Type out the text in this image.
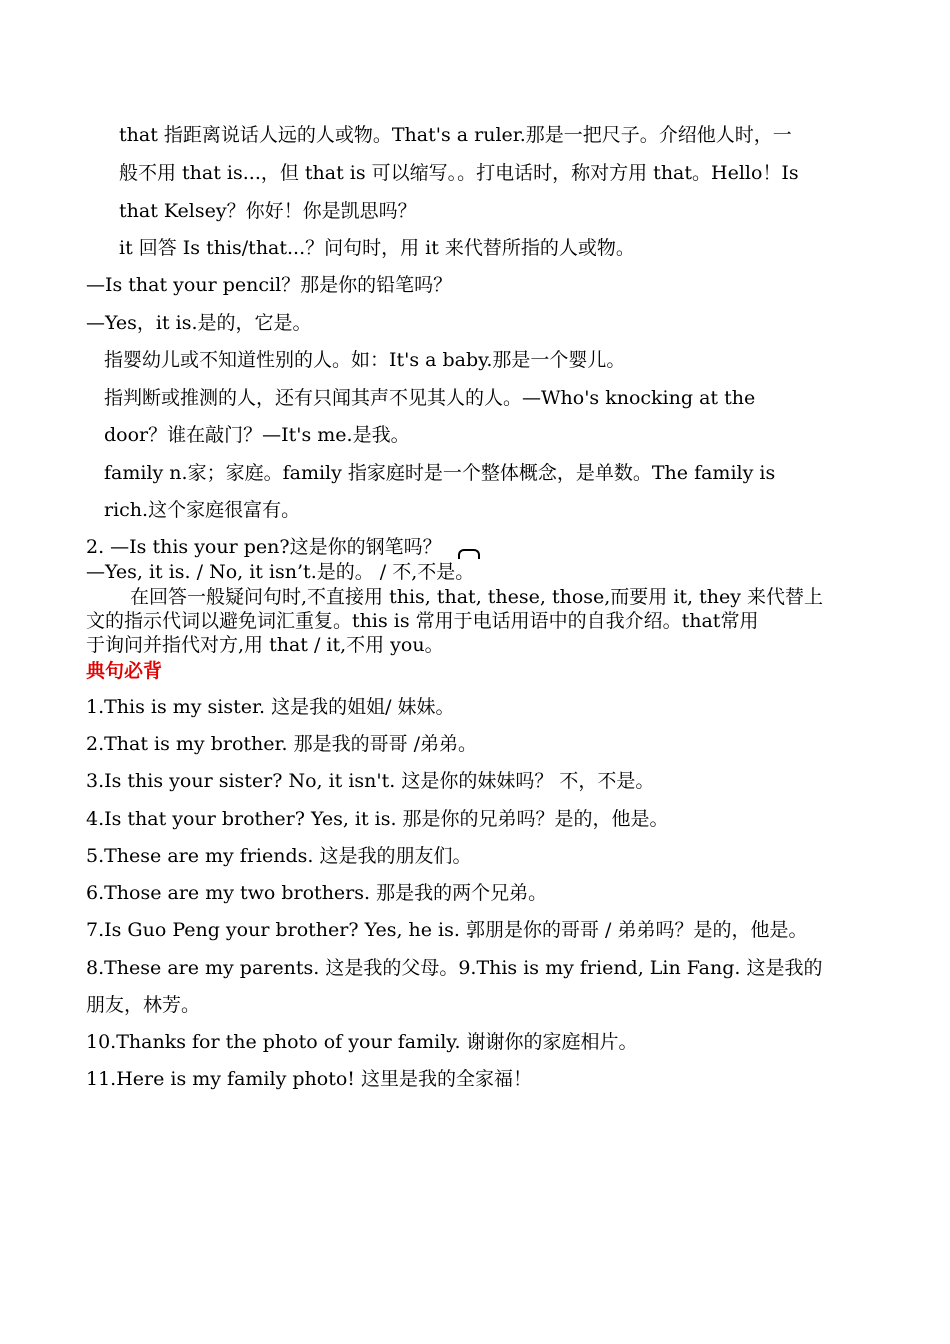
that 指距离说话人远的人或物。That's a ruler.那是一把尺子。介绍他人时，一
般不用 that is...，但 that is 可以缩写。。打电话时，称对方用 that。Hello！Is
that Kelsey？你好！你是凯思吗？
it 回答 Is this/that...？问句时，用 it 来代替所指的人或物。
—Is that your pencil？那是你的铅笔吗？
—Yes，it is.是的，它是。
指婴幼儿或不知道性别的人。如：It's a baby.那是一个婴儿。
指判断或推测的人，还有只闻其声不见其人的人。—Who's knocking at the
door？谁在敲门？—It's me.是我。
family n.家；家庭。family 指家庭时是一个整体概念，是单数。The family is
rich.这个家庭很富有。
2. —Is this your pen?这是你的钢笔吗？
—Yes, it is. / No, it isn’t.是的。 / 不,不是。
在回答一般疑问句时,不直接用 this, that, these, those,而要用 it, they 来代替上
文的指示代词以避免词汇重复。this is 常用于电话用语中的自我介绍。that常用
于询问并指代对方,用 that / it,不用 you。
典句必背
1.This is my sister. 这是我的姐姐/ 妹妹。
2.That is my brother. 那是我的哥哥 /弟弟。
3.Is this your sister? No, it isn't. 这是你的妹妹吗？ 不，不是。
4.Is that your brother? Yes, it is. 那是你的兄弟吗？是的，他是。
5.These are my friends. 这是我的朋友们。
6.Those are my two brothers. 那是我的两个兄弟。
7.Is Guo Peng your brother? Yes, he is. 郭朋是你的哥哥 / 弟弟吗？是的，他是。
8.These are my parents. 这是我的父母。9.This is my friend, Lin Fang. 这是我的
朋友，林芳。
10.Thanks for the photo of your family. 谢谢你的家庭相片。
11.Here is my family photo! 这里是我的全家福！
